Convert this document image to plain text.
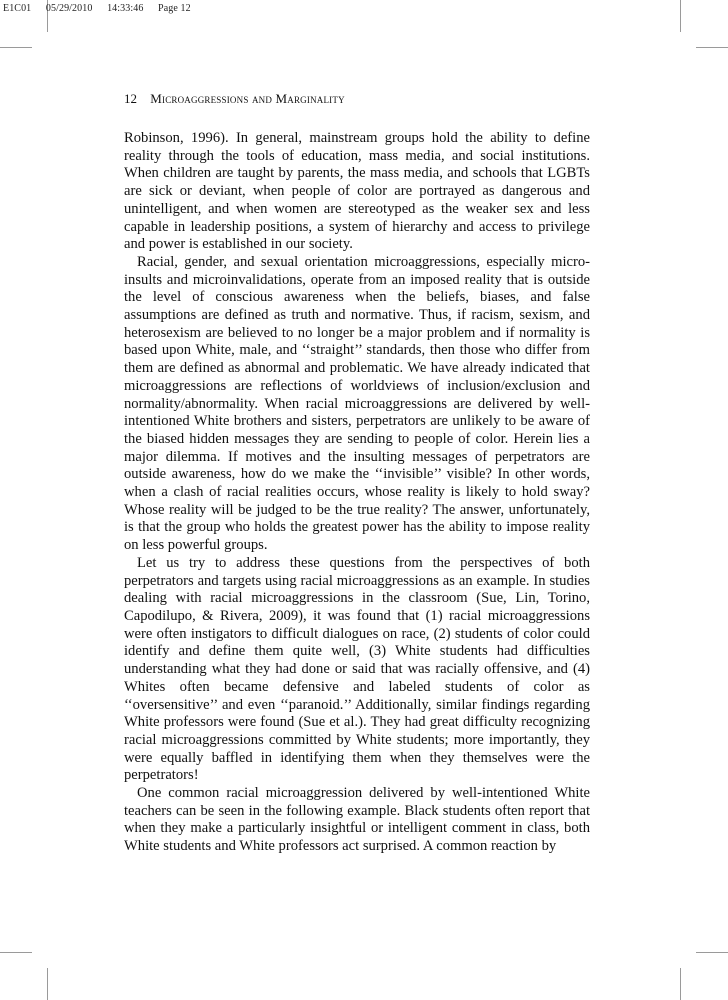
E1C01 05/29/2010 14:33:46 Page 12
12 Microaggressions and Marginality

Robinson, 1996). In general, mainstream groups hold the ability to define reality through the tools of education, mass media, and social institutions. When children are taught by parents, the mass media, and schools that LGBTs are sick or deviant, when people of color are portrayed as dangerous and unintelligent, and when women are stereotyped as the weaker sex and less capable in leadership positions, a system of hierarchy and access to privilege and power is established in our society.

Racial, gender, and sexual orientation microaggressions, especially micro-insults and microinvalidations, operate from an imposed reality that is outside the level of conscious awareness when the beliefs, biases, and false assumptions are defined as truth and normative. Thus, if racism, sexism, and heterosexism are believed to no longer be a major problem and if normality is based upon White, male, and ‘‘straight’’ standards, then those who differ from them are defined as abnormal and problematic. We have already indicated that microaggressions are reflections of worldviews of inclusion/exclusion and normality/abnormality. When racial microaggressions are delivered by well-intentioned White brothers and sisters, perpetrators are unlikely to be aware of the biased hidden messages they are sending to people of color. Herein lies a major dilemma. If motives and the insulting messages of perpetrators are outside awareness, how do we make the ‘‘invisible’’ visible? In other words, when a clash of racial realities occurs, whose reality is likely to hold sway? Whose reality will be judged to be the true reality? The answer, unfortunately, is that the group who holds the greatest power has the ability to impose reality on less powerful groups.

Let us try to address these questions from the perspectives of both perpetrators and targets using racial microaggressions as an example. In studies dealing with racial microaggressions in the classroom (Sue, Lin, Torino, Capodilupo, & Rivera, 2009), it was found that (1) racial microaggressions were often instigators to difficult dialogues on race, (2) students of color could identify and define them quite well, (3) White students had difficulties understanding what they had done or said that was racially offensive, and (4) Whites often became defensive and labeled students of color as ‘‘oversensitive’’ and even ‘‘paranoid.’’ Additionally, similar findings regarding White professors were found (Sue et al.). They had great difficulty recognizing racial microaggressions committed by White students; more importantly, they were equally baffled in identifying them when they themselves were the perpetrators!

One common racial microaggression delivered by well-intentioned White teachers can be seen in the following example. Black students often report that when they make a particularly insightful or intelligent comment in class, both White students and White professors act surprised. A common reaction by
